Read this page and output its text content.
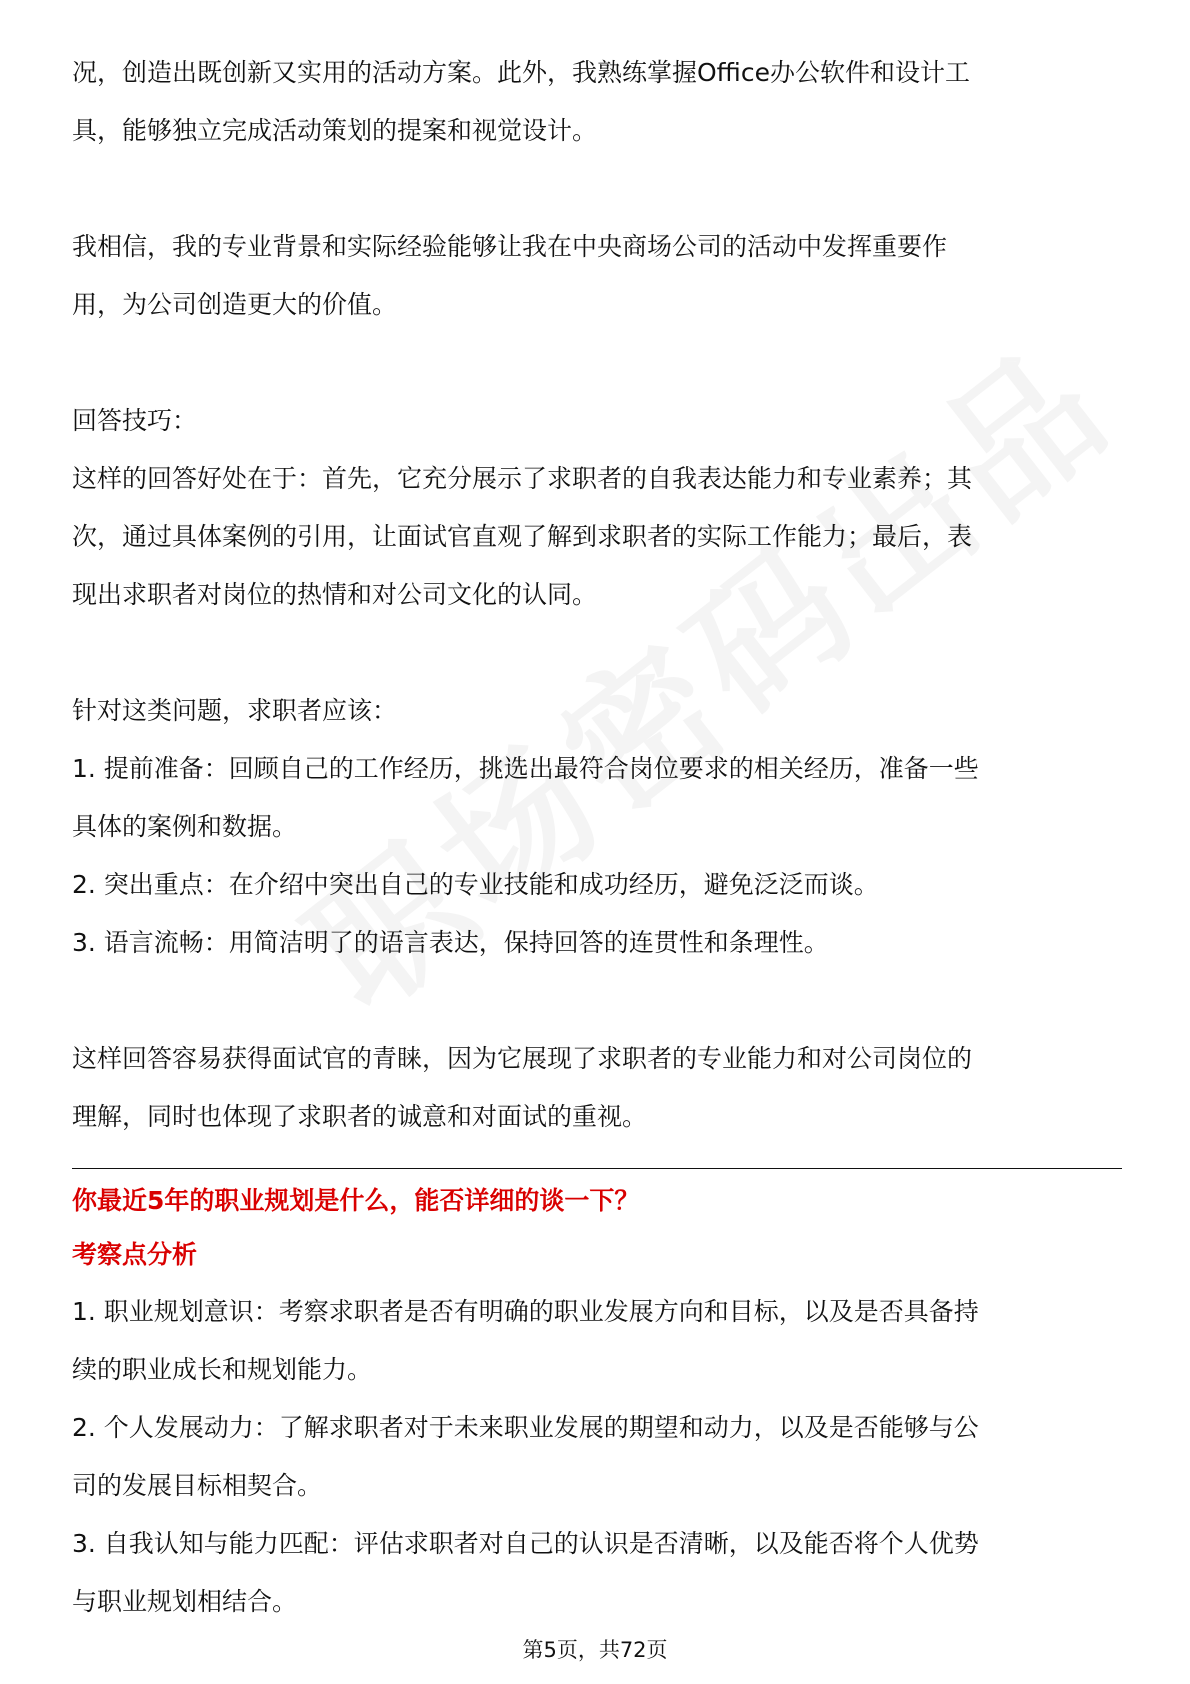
况，创造出既创新又实用的活动方案。此外，我熟练掌握Office办公软件和设计工

具，能够独立完成活动策划的提案和视觉设计。

我相信，我的专业背景和实际经验能够让我在中央商场公司的活动中发挥重要作

用，为公司创造更大的价值。

回答技巧：

这样的回答好处在于：首先，它充分展示了求职者的自我表达能力和专业素养；其

次，通过具体案例的引用，让面试官直观了解到求职者的实际工作能力；最后，表

现出求职者对岗位的热情和对公司文化的认同。

针对这类问题，求职者应该：

1. 提前准备：回顾自己的工作经历，挑选出最符合岗位要求的相关经历，准备一些

具体的案例和数据。

2. 突出重点：在介绍中突出自己的专业技能和成功经历，避免泛泛而谈。

3. 语言流畅：用简洁明了的语言表达，保持回答的连贯性和条理性。

这样回答容易获得面试官的青睐，因为它展现了求职者的专业能力和对公司岗位的

理解，同时也体现了求职者的诚意和对面试的重视。

你最近5年的职业规划是什么，能否详细的谈一下？

考察点分析

1. 职业规划意识：考察求职者是否有明确的职业发展方向和目标，以及是否具备持

续的职业成长和规划能力。

2. 个人发展动力：了解求职者对于未来职业发展的期望和动力，以及是否能够与公

司的发展目标相契合。

3. 自我认知与能力匹配：评估求职者对自己的认识是否清晰，以及能否将个人优势

与职业规划相结合。

第5页，共72页
